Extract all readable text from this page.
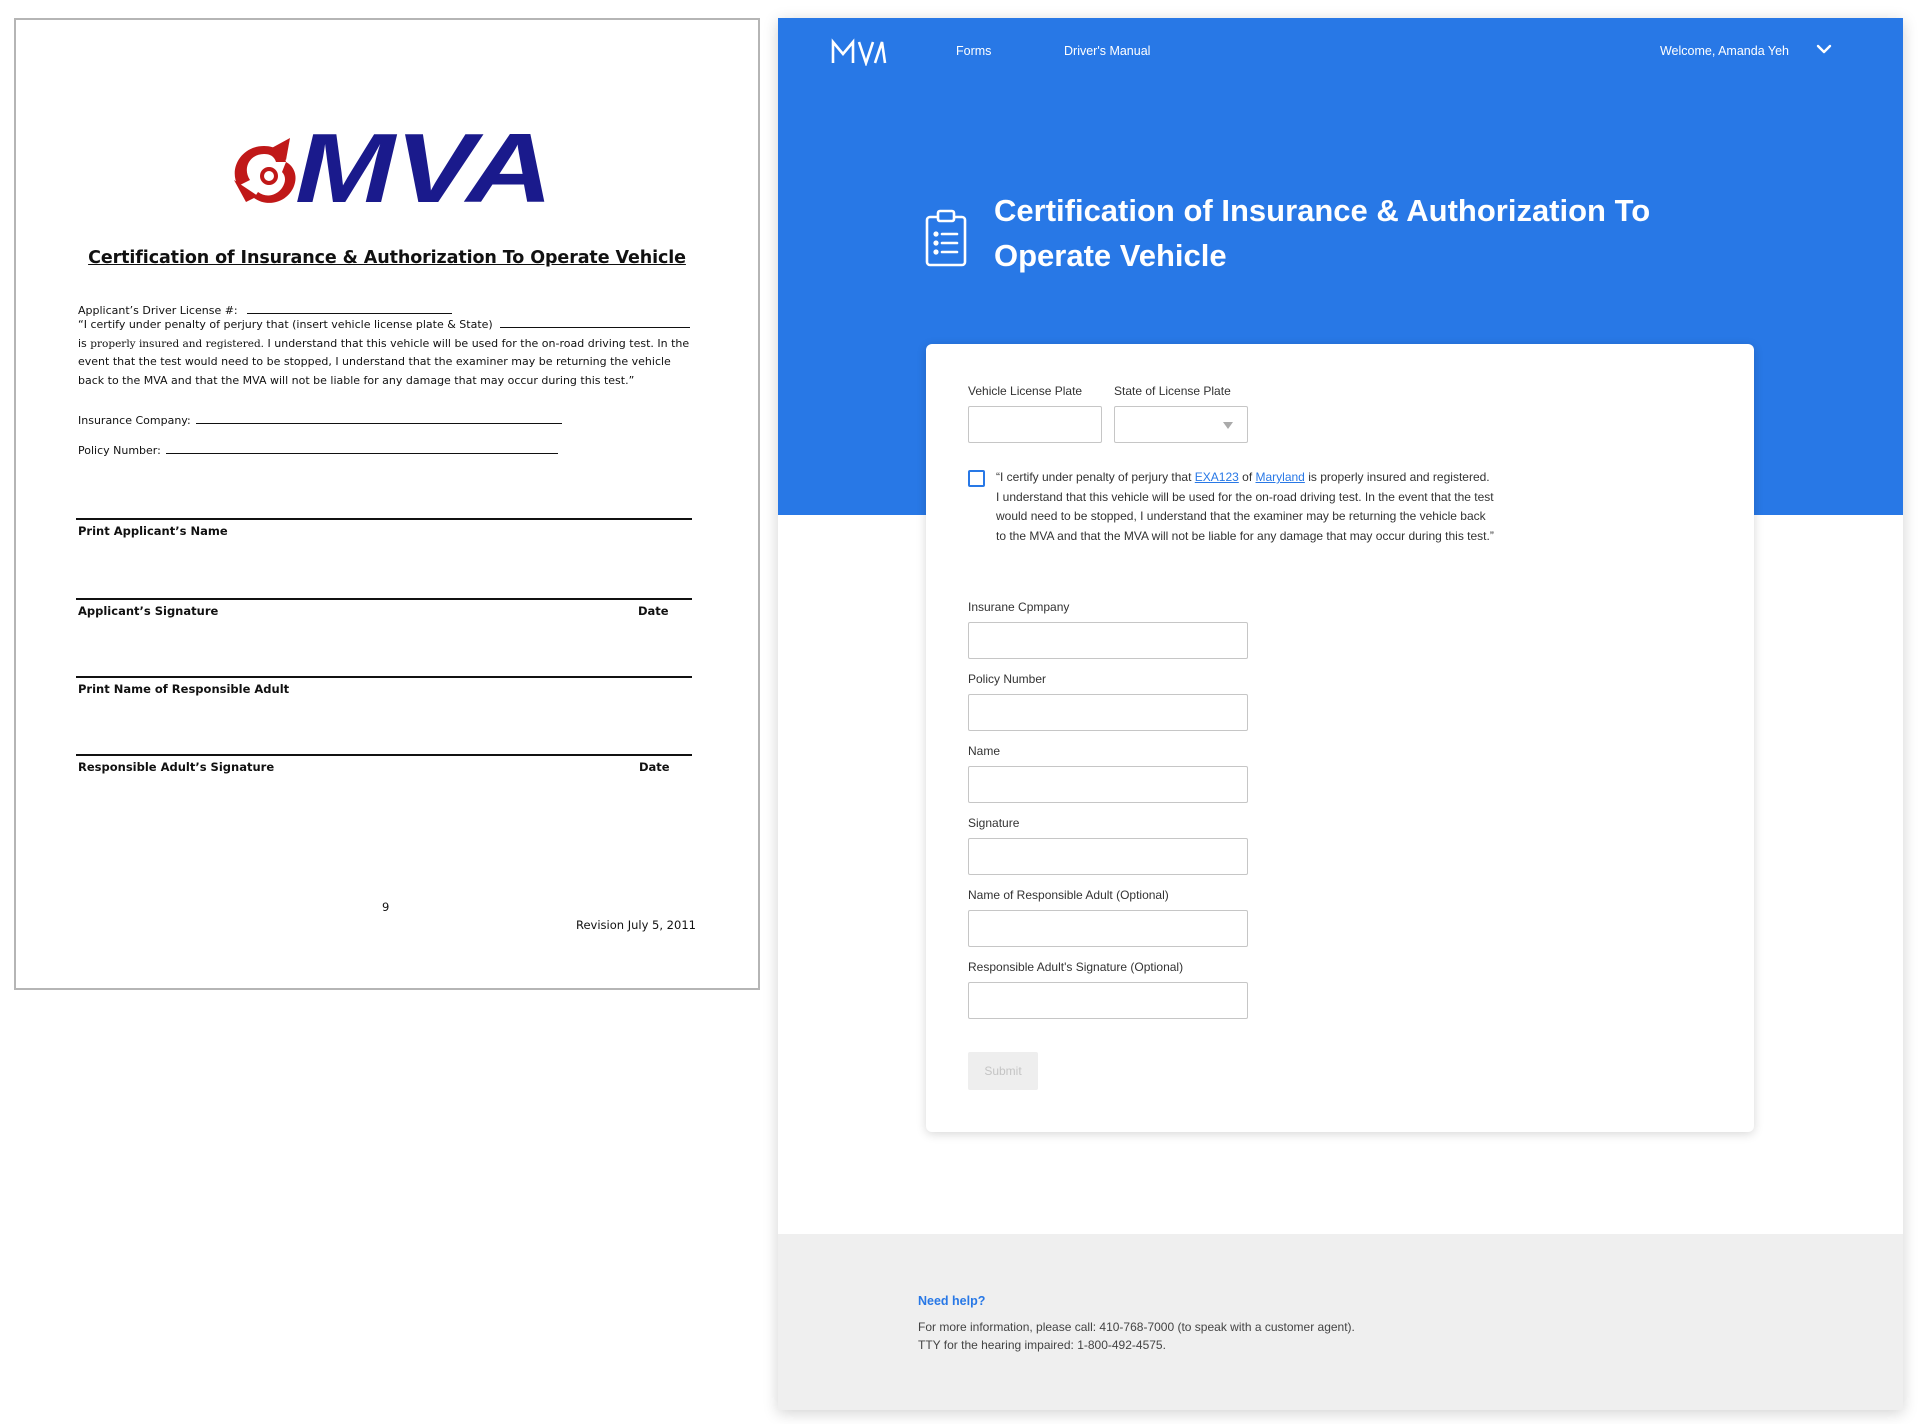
MVA
Certification of Insurance & Authorization To Operate Vehicle
Applicant’s Driver License #:
“I certify under penalty of perjury that (insert vehicle license plate & State) is properly insured and registered. I understand that this vehicle will be used for the on-road driving test. In the event that the test would need to be stopped, I understand that the examiner may be returning the vehicle back to the MVA and that the MVA will not be liable for any damage that may occur during this test.”
Insurance Company:
Policy Number:
Print Applicant’s Name
Applicant’s Signature	Date
Print Name of Responsible Adult
Responsible Adult’s Signature	Date
9
Revision July 5, 2011
Forms	Driver's Manual	Welcome, Amanda Yeh
Certification of Insurance & Authorization To Operate Vehicle
Vehicle License Plate	State of License Plate
“I certify under penalty of perjury that EXA123 of Maryland is properly insured and registered. I understand that this vehicle will be used for the on-road driving test. In the event that the test would need to be stopped, I understand that the examiner may be returning the vehicle back to the MVA and that the MVA will not be liable for any damage that may occur during this test.”
Insurane Cpmpany
Policy Number
Name
Signature
Name of Responsible Adult (Optional)
Responsible Adult's Signature (Optional)
Submit
Need help?
For more information, please call: 410-768-7000 (to speak with a customer agent).
TTY for the hearing impaired: 1-800-492-4575.
